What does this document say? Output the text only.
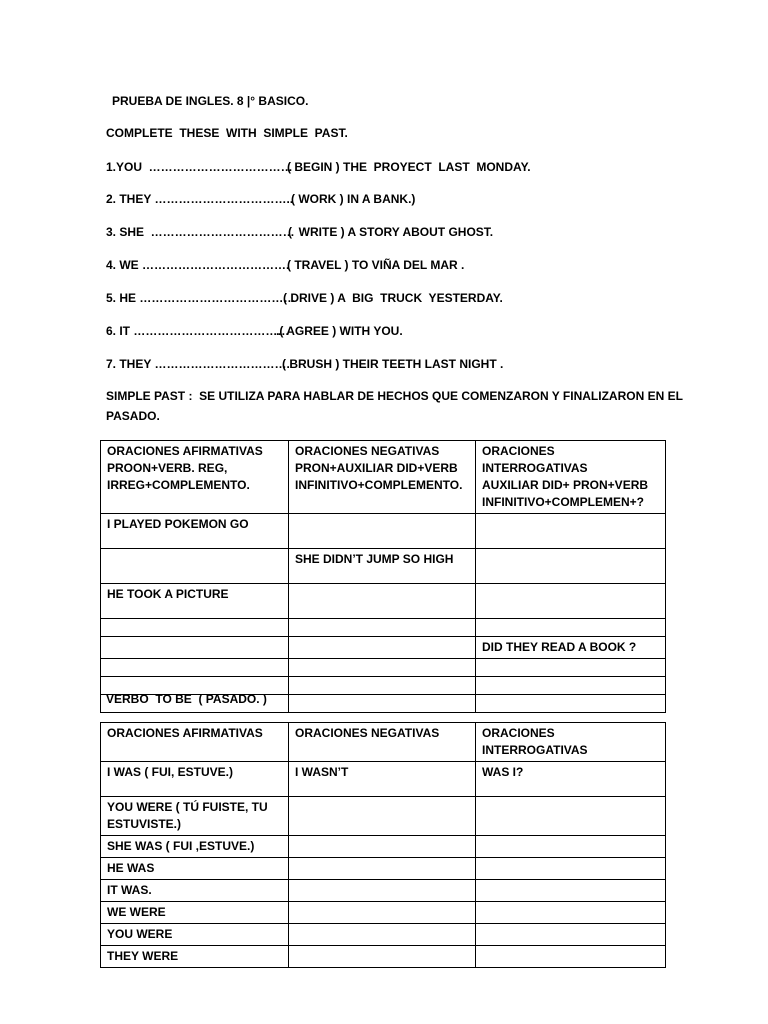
PRUEBA DE INGLES. 8 |° BASICO.
COMPLETE  THESE  WITH  SIMPLE  PAST.
1.YOU  ………………………………
( BEGIN ) THE  PROYECT  LAST  MONDAY.
2. THEY ……………………………..
( WORK ) IN A BANK.)
3. SHE  ………………………………
(  WRITE ) A STORY ABOUT GHOST.
4. WE ……………………………….
( TRAVEL ) TO VIÑA DEL MAR .
5. HE …………………………………
( DRIVE ) A  BIG  TRUCK  YESTERDAY.
6. IT …………………………………
.( AGREE ) WITH YOU.
7. THEY …………………………….
( BRUSH ) THEIR TEETH LAST NIGHT .
SIMPLE PAST :  SE UTILIZA PARA HABLAR DE HECHOS QUE COMENZARON Y FINALIZARON EN EL
PASADO.
ORACIONES AFIRMATIVAS
PROON+VERB. REG,
IRREG+COMPLEMENTO.	ORACIONES NEGATIVAS
PRON+AUXILIAR DID+VERB
INFINITIVO+COMPLEMENTO.	ORACIONES INTERROGATIVAS
AUXILIAR DID+ PRON+VERB
INFINITIVO+COMPLEMEN+?

I PLAYED POKEMON GO		

	SHE DIDN’T JUMP SO HIGH	

HE TOOK A PICTURE		

		DID THEY READ A BOOK ?

VERBO  TO BE  ( PASADO. )
ORACIONES AFIRMATIVAS	ORACIONES NEGATIVAS	ORACIONES INTERROGATIVAS

I WAS ( FUI, ESTUVE.)	I WASN’T	WAS I?

YOU WERE ( TÚ FUISTE, TU
ESTUVISTE.)		

SHE WAS ( FUI ,ESTUVE.)		

HE WAS		

IT WAS.		

WE WERE		

YOU WERE		

THEY WERE		
